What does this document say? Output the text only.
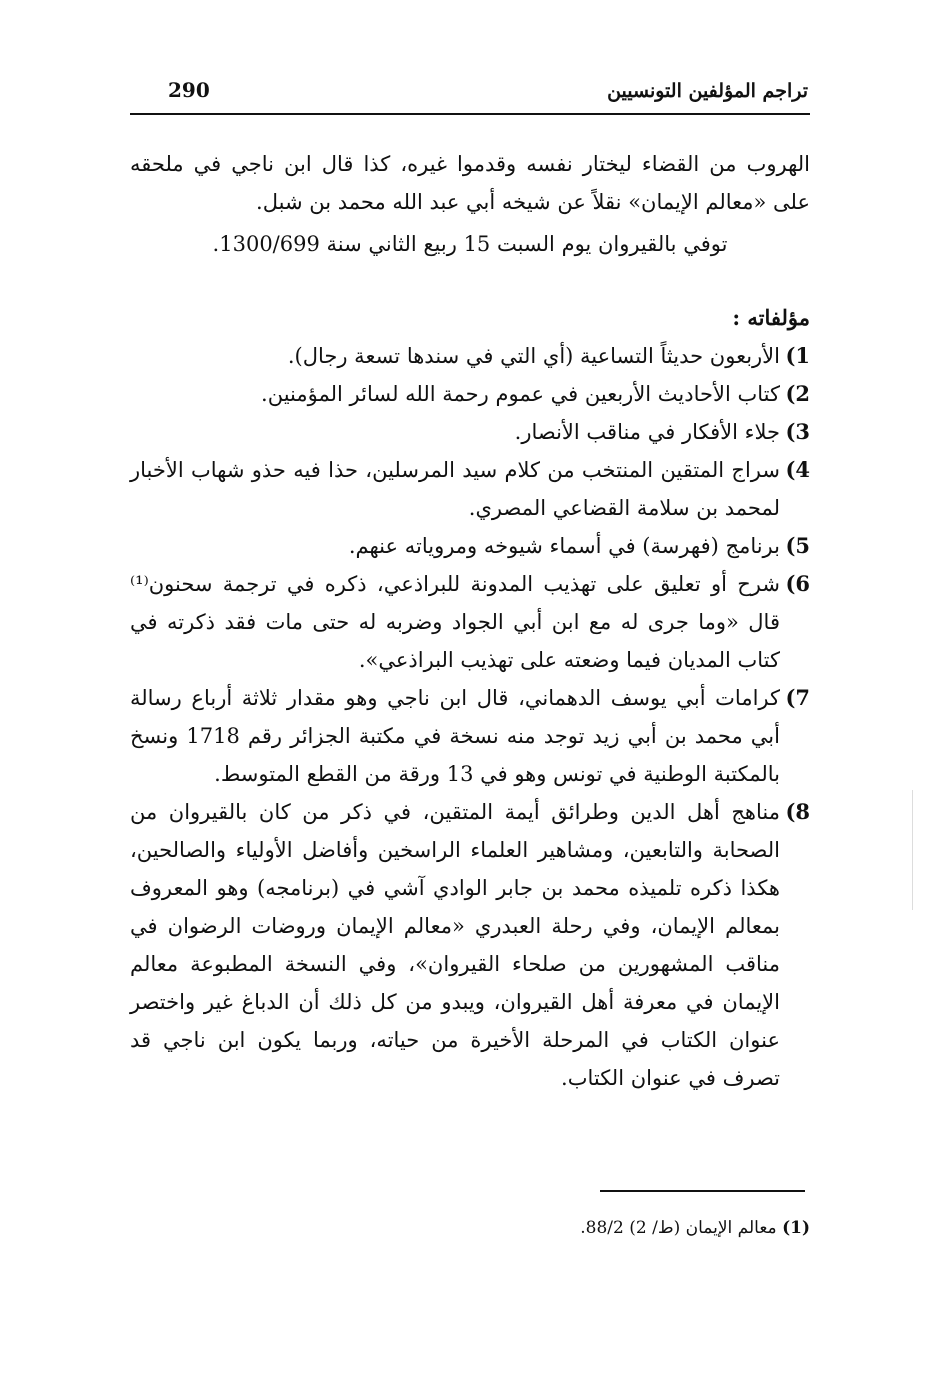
290	تراجم المؤلفين التونسيين

الهروب من القضاء ليختار نفسه وقدموا غيره، كذا قال ابن ناجي في ملحقه على «معالم الإيمان» نقلاً عن شيخه أبي عبد الله محمد بن شبل.

توفي بالقيروان يوم السبت 15 ربيع الثاني سنة 1300/699.

مؤلفاته :

(1
الأربعون حديثاً التساعية (أي التي في سندها تسعة رجال).
(2
كتاب الأحاديث الأربعين في عموم رحمة الله لسائر المؤمنين.
(3
جلاء الأفكار في مناقب الأنصار.
(4
سراج المتقين المنتخب من كلام سيد المرسلين، حذا فيه حذو شهاب الأخبار لمحمد بن سلامة القضاعي المصري.
(5
برنامج (فهرسة) في أسماء شيوخه ومروياته عنهم.
(6
شرح أو تعليق على تهذيب المدونة للبراذعي، ذكره في ترجمة سحنون⁽¹⁾ قال «وما جرى له مع ابن أبي الجواد وضربه له حتى مات فقد ذكرته في كتاب المديان فيما وضعته على تهذيب البراذعي».
(7
كرامات أبي يوسف الدهماني، قال ابن ناجي وهو مقدار ثلاثة أرباع رسالة أبي محمد بن أبي زيد توجد منه نسخة في مكتبة الجزائر رقم 1718 ونسخ بالمكتبة الوطنية في تونس وهو في 13 ورقة من القطع المتوسط.
(8
مناهج أهل الدين وطرائق أيمة المتقين، في ذكر من كان بالقيروان من الصحابة والتابعين، ومشاهير العلماء الراسخين وأفاضل الأولياء والصالحين، هكذا ذكره تلميذه محمد بن جابر الوادي آشي في (برنامجه) وهو المعروف بمعالم الإيمان، وفي رحلة العبدري «معالم الإيمان وروضات الرضوان في مناقب المشهورين من صلحاء القيروان»، وفي النسخة المطبوعة معالم الإيمان في معرفة أهل القيروان، ويبدو من كل ذلك أن الدباغ غير واختصر عنوان الكتاب في المرحلة الأخيرة من حياته، وربما يكون ابن ناجي قد تصرف في عنوان الكتاب.
(1) معالم الإيمان (ط/ 2) 88/2.
